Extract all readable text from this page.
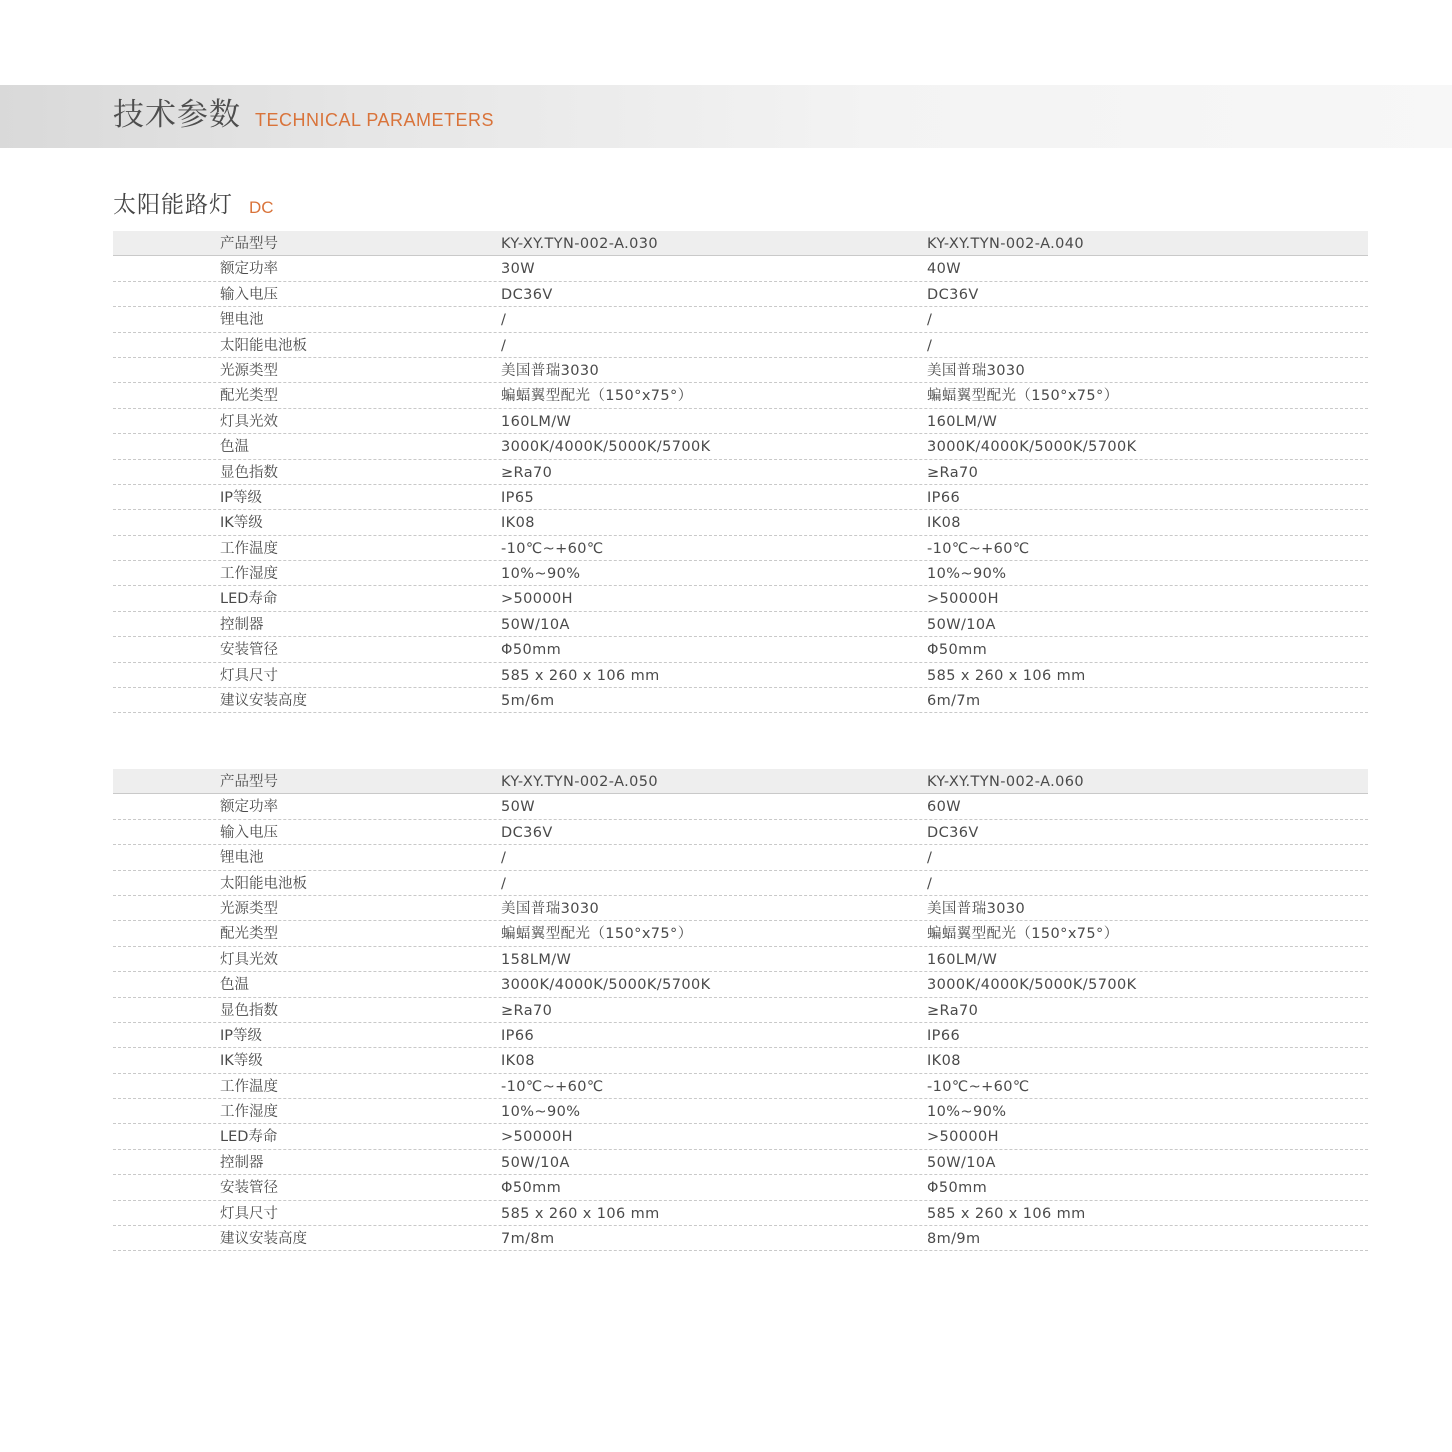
技术参数 TECHNICAL PARAMETERS
太阳能路灯 DC
产品型号	KY-XY.TYN-002-A.030	KY-XY.TYN-002-A.040
额定功率	30W	40W
输入电压	DC36V	DC36V
锂电池	/	/
太阳能电池板	/	/
光源类型	美国普瑞3030	美国普瑞3030
配光类型	蝙蝠翼型配光（150°x75°）	蝙蝠翼型配光（150°x75°）
灯具光效	160LM/W	160LM/W
色温	3000K/4000K/5000K/5700K	3000K/4000K/5000K/5700K
显色指数	≥Ra70	≥Ra70
IP等级	IP65	IP66
IK等级	IK08	IK08
工作温度	-10℃~+60℃	-10℃~+60℃
工作湿度	10%~90%	10%~90%
LED寿命	>50000H	>50000H
控制器	50W/10A	50W/10A
安装管径	Φ50mm	Φ50mm
灯具尺寸	585 x 260 x 106 mm	585 x 260 x 106 mm
建议安装高度	5m/6m	6m/7m
产品型号	KY-XY.TYN-002-A.050	KY-XY.TYN-002-A.060
额定功率	50W	60W
输入电压	DC36V	DC36V
锂电池	/	/
太阳能电池板	/	/
光源类型	美国普瑞3030	美国普瑞3030
配光类型	蝙蝠翼型配光（150°x75°）	蝙蝠翼型配光（150°x75°）
灯具光效	158LM/W	160LM/W
色温	3000K/4000K/5000K/5700K	3000K/4000K/5000K/5700K
显色指数	≥Ra70	≥Ra70
IP等级	IP66	IP66
IK等级	IK08	IK08
工作温度	-10℃~+60℃	-10℃~+60℃
工作湿度	10%~90%	10%~90%
LED寿命	>50000H	>50000H
控制器	50W/10A	50W/10A
安装管径	Φ50mm	Φ50mm
灯具尺寸	585 x 260 x 106 mm	585 x 260 x 106 mm
建议安装高度	7m/8m	8m/9m
